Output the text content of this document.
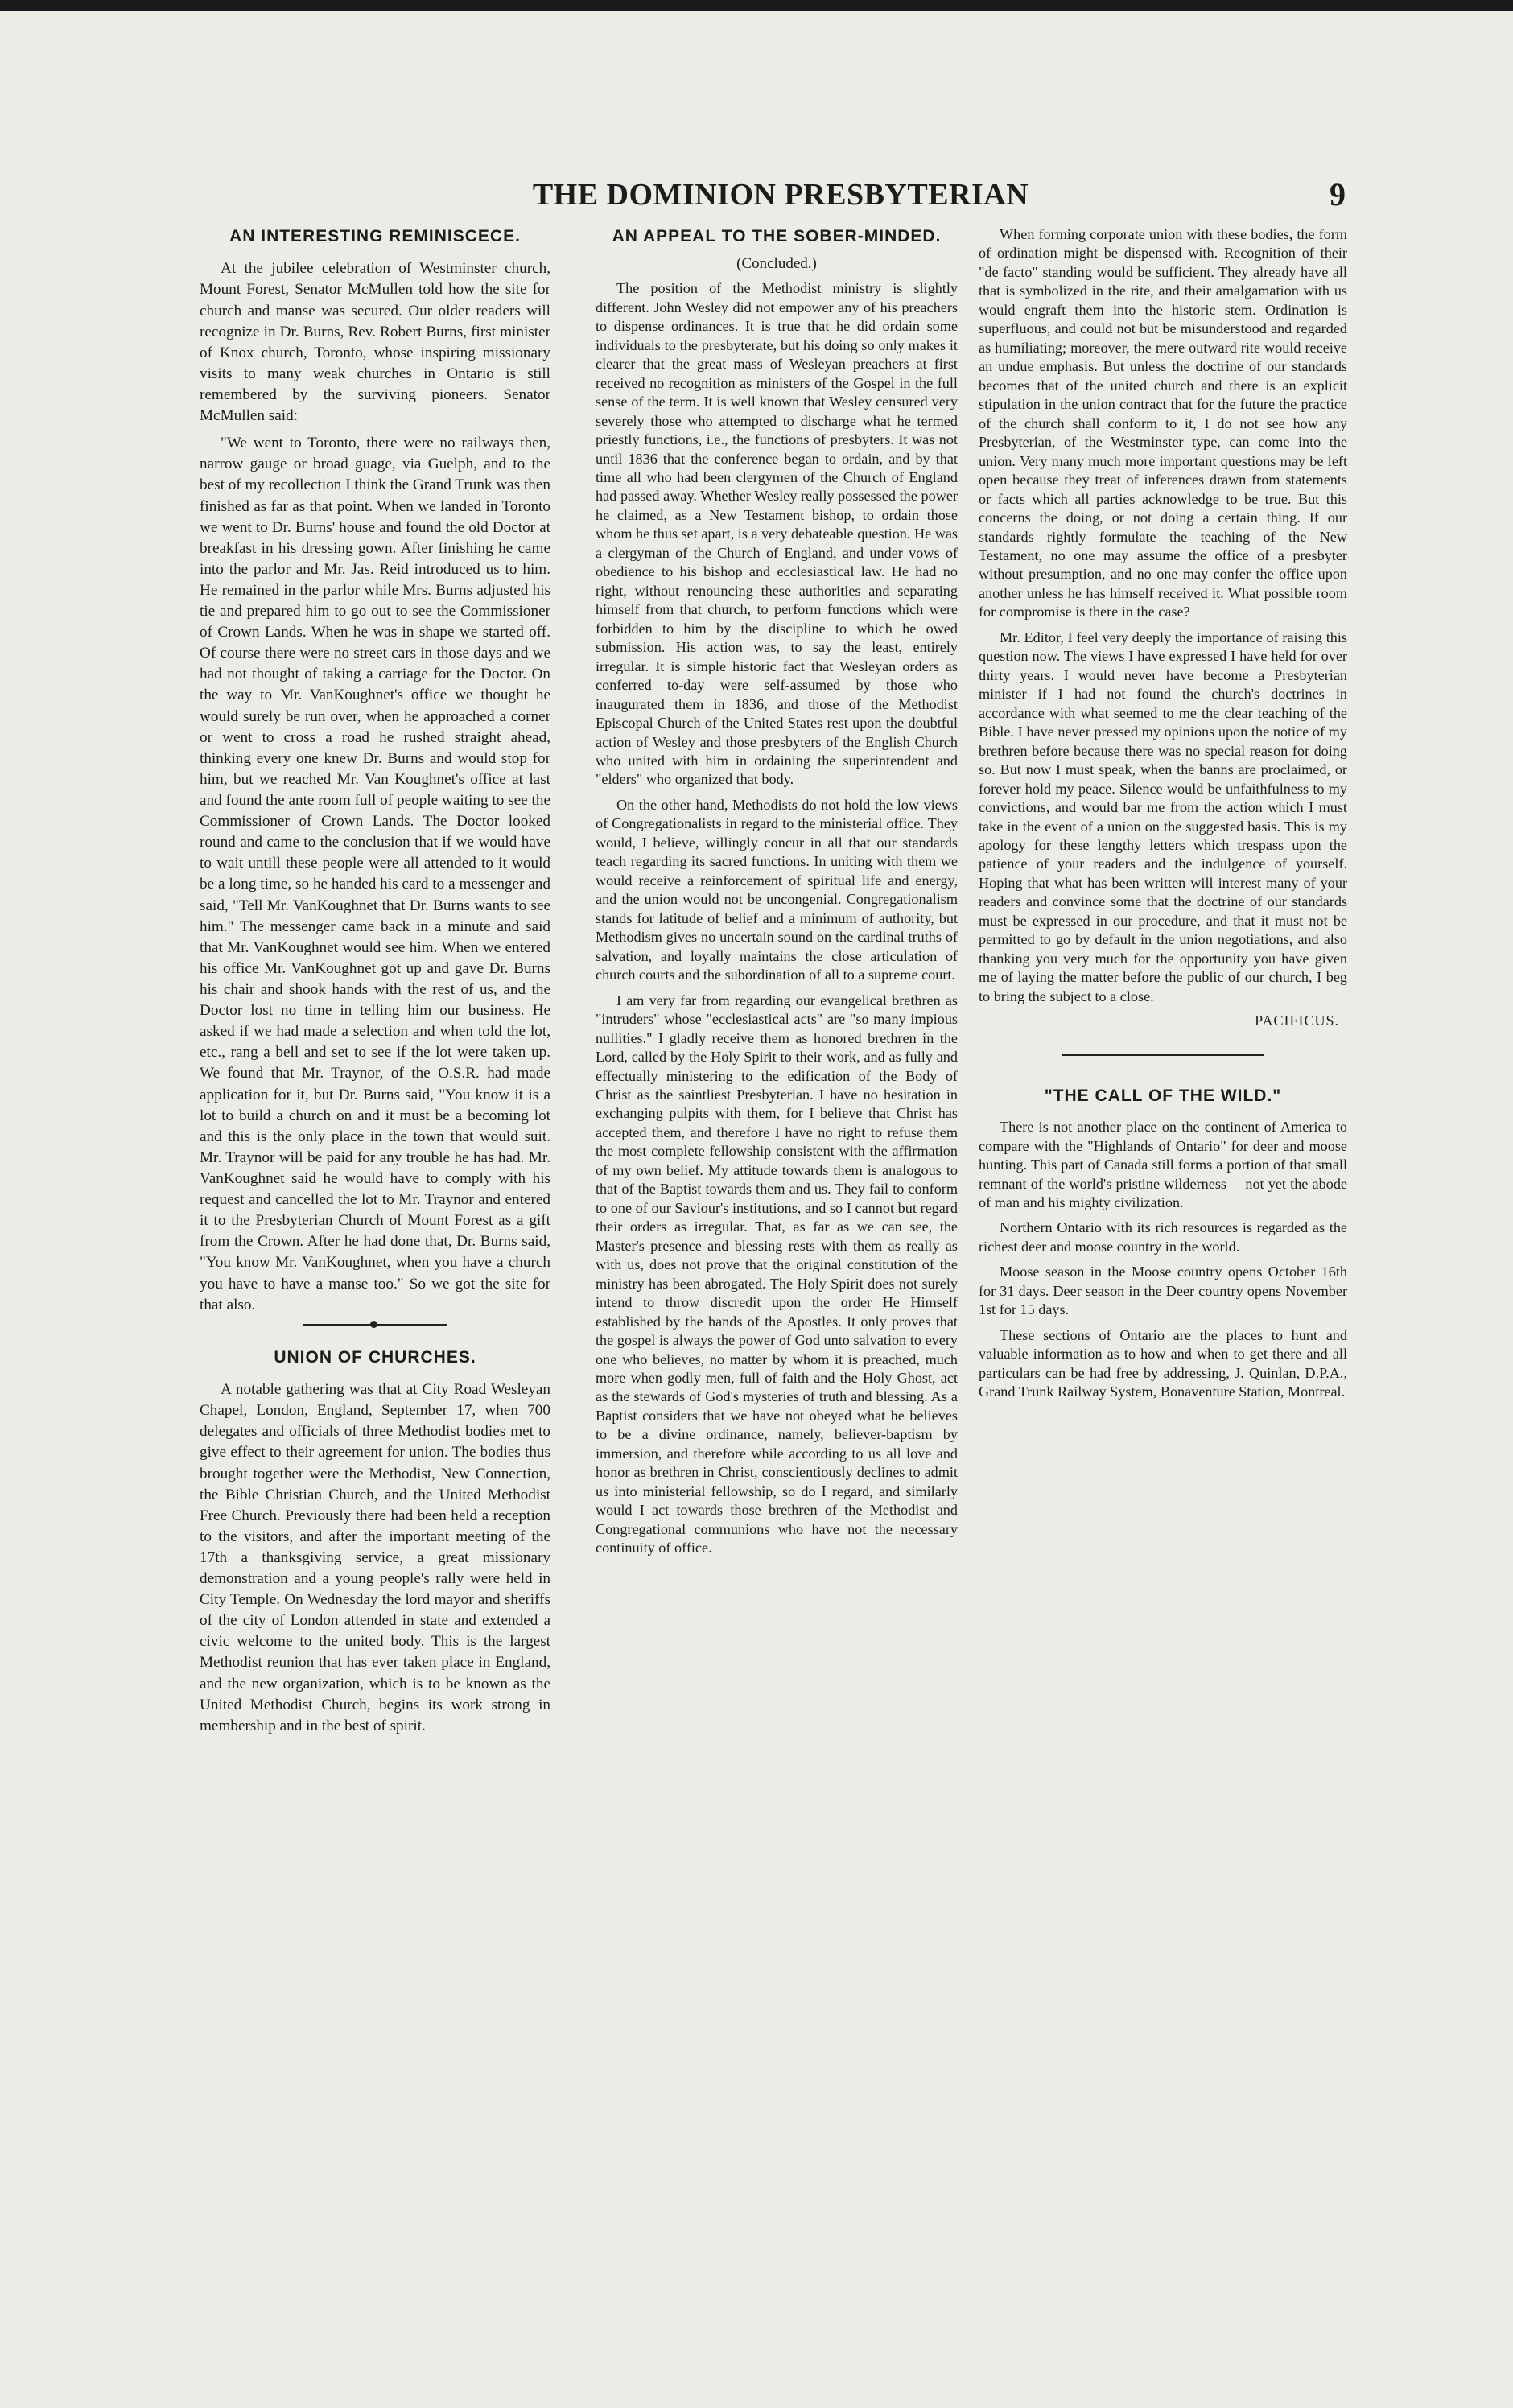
THE DOMINION PRESBYTERIAN	9
AN INTERESTING REMINISCECE.

At the jubilee celebration of Westminster church, Mount Forest, Senator McMullen told how the site for church and manse was secured. Our older readers will recognize in Dr. Burns, Rev. Robert Burns, first minister of Knox church, Toronto, whose inspiring missionary visits to many weak churches in Ontario is still remembered by the surviving pioneers. Senator McMullen said:

"We went to Toronto, there were no railways then, narrow gauge or broad guage, via Guelph, and to the best of my recollection I think the Grand Trunk was then finished as far as that point. When we landed in Toronto we went to Dr. Burns' house and found the old Doctor at breakfast in his dressing gown. After finishing he came into the parlor and Mr. Jas. Reid introduced us to him. He remained in the parlor while Mrs. Burns adjusted his tie and prepared him to go out to see the Commissioner of Crown Lands. When he was in shape we started off. Of course there were no street cars in those days and we had not thought of taking a carriage for the Doctor. On the way to Mr. VanKoughnet's office we thought he would surely be run over, when he approached a corner or went to cross a road he rushed straight ahead, thinking every one knew Dr. Burns and would stop for him, but we reached Mr. Van Koughnet's office at last and found the ante room full of people waiting to see the Commissioner of Crown Lands. The Doctor looked round and came to the conclusion that if we would have to wait untill these people were all attended to it would be a long time, so he handed his card to a messenger and said, "Tell Mr. VanKoughnet that Dr. Burns wants to see him." The messenger came back in a minute and said that Mr. VanKoughnet would see him. When we entered his office Mr. VanKoughnet got up and gave Dr. Burns his chair and shook hands with the rest of us, and the Doctor lost no time in telling him our business. He asked if we had made a selection and when told the lot, etc., rang a bell and set to see if the lot were taken up. We found that Mr. Traynor, of the O.S.R. had made application for it, but Dr. Burns said, "You know it is a lot to build a church on and it must be a becoming lot and this is the only place in the town that would suit. Mr. Traynor will be paid for any trouble he has had. Mr. VanKoughnet said he would have to comply with his request and cancelled the lot to Mr. Traynor and entered it to the Presbyterian Church of Mount Forest as a gift from the Crown. After he had done that, Dr. Burns said, "You know Mr. VanKoughnet, when you have a church you have to have a manse too." So we got the site for that also.

UNION OF CHURCHES.

A notable gathering was that at City Road Wesleyan Chapel, London, England, September 17, when 700 delegates and officials of three Methodist bodies met to give effect to their agreement for union. The bodies thus brought together were the Methodist, New Connection, the Bible Christian Church, and the United Methodist Free Church. Previously there had been held a reception to the visitors, and after the important meeting of the 17th a thanksgiving service, a great missionary demonstration and a young people's rally were held in City Temple. On Wednesday the lord mayor and sheriffs of the city of London attended in state and extended a civic welcome to the united body. This is the largest Methodist reunion that has ever taken place in England, and the new organization, which is to be known as the United Methodist Church, begins its work strong in membership and in the best of spirit.

AN APPEAL TO THE SOBER-MINDED.
(Concluded.)

The position of the Methodist ministry is slightly different. John Wesley did not empower any of his preachers to dispense ordinances. It is true that he did ordain some individuals to the presbyterate, but his doing so only makes it clearer that the great mass of Wesleyan preachers at first received no recognition as ministers of the Gospel in the full sense of the term. It is well known that Wesley censured very severely those who attempted to discharge what he termed priestly functions, i.e., the functions of presbyters. It was not until 1836 that the conference began to ordain, and by that time all who had been clergymen of the Church of England had passed away. Whether Wesley really possessed the power he claimed, as a New Testament bishop, to ordain those whom he thus set apart, is a very debateable question. He was a clergyman of the Church of England, and under vows of obedience to his bishop and ecclesiastical law. He had no right, without renouncing these authorities and separating himself from that church, to perform functions which were forbidden to him by the discipline to which he owed submission. His action was, to say the least, entirely irregular. It is simple historic fact that Wesleyan orders as conferred to-day were self-assumed by those who inaugurated them in 1836, and those of the Methodist Episcopal Church of the United States rest upon the doubtful action of Wesley and those presbyters of the English Church who united with him in ordaining the superintendent and "elders" who organized that body.

On the other hand, Methodists do not hold the low views of Congregationalists in regard to the ministerial office. They would, I believe, willingly concur in all that our standards teach regarding its sacred functions. In uniting with them we would receive a reinforcement of spiritual life and energy, and the union would not be uncongenial. Congregationalism stands for latitude of belief and a minimum of authority, but Methodism gives no uncertain sound on the cardinal truths of salvation, and loyally maintains the close articulation of church courts and the subordination of all to a supreme court.

I am very far from regarding our evangelical brethren as "intruders" whose "ecclesiastical acts" are "so many impious nullities." I gladly receive them as honored brethren in the Lord, called by the Holy Spirit to their work, and as fully and effectually ministering to the edification of the Body of Christ as the saintliest Presbyterian. I have no hesitation in exchanging pulpits with them, for I believe that Christ has accepted them, and therefore I have no right to refuse them the most complete fellowship consistent with the affirmation of my own belief. My attitude towards them is analogous to that of the Baptist towards them and us. They fail to conform to one of our Saviour's institutions, and so I cannot but regard their orders as irregular. That, as far as we can see, the Master's presence and blessing rests with them as really as with us, does not prove that the original constitution of the ministry has been abrogated. The Holy Spirit does not surely intend to throw discredit upon the order He Himself established by the hands of the Apostles. It only proves that the gospel is always the power of God unto salvation to every one who believes, no matter by whom it is preached, much more when godly men, full of faith and the Holy Ghost, act as the stewards of God's mysteries of truth and blessing. As a Baptist considers that we have not obeyed what he believes to be a divine ordinance, namely, believer-baptism by immersion, and therefore while according to us all love and honor as brethren in Christ, conscientiously declines to admit us into ministerial fellowship, so do I regard, and similarly would I act towards those brethren of the Methodist and Congregational communions who have not the necessary continuity of office.

When forming corporate union with these bodies, the form of ordination might be dispensed with. Recognition of their "de facto" standing would be sufficient. They already have all that is symbolized in the rite, and their amalgamation with us would engraft them into the historic stem. Ordination is superfluous, and could not but be misunderstood and regarded as humiliating; moreover, the mere outward rite would receive an undue emphasis. But unless the doctrine of our standards becomes that of the united church and there is an explicit stipulation in the union contract that for the future the practice of the church shall conform to it, I do not see how any Presbyterian, of the Westminster type, can come into the union. Very many much more important questions may be left open because they treat of inferences drawn from statements or facts which all parties acknowledge to be true. But this concerns the doing, or not doing a certain thing. If our standards rightly formulate the teaching of the New Testament, no one may assume the office of a presbyter without presumption, and no one may confer the office upon another unless he has himself received it. What possible room for compromise is there in the case?

Mr. Editor, I feel very deeply the importance of raising this question now. The views I have expressed I have held for over thirty years. I would never have become a Presbyterian minister if I had not found the church's doctrines in accordance with what seemed to me the clear teaching of the Bible. I have never pressed my opinions upon the notice of my brethren before because there was no special reason for doing so. But now I must speak, when the banns are proclaimed, or forever hold my peace. Silence would be unfaithfulness to my convictions, and would bar me from the action which I must take in the event of a union on the suggested basis. This is my apology for these lengthy letters which trespass upon the patience of your readers and the indulgence of yourself. Hoping that what has been written will interest many of your readers and convince some that the doctrine of our standards must be expressed in our procedure, and that it must not be permitted to go by default in the union negotiations, and also thanking you very much for the opportunity you have given me of laying the matter before the public of our church, I beg to bring the subject to a close.

PACIFICUS.
"THE CALL OF THE WILD."

There is not another place on the continent of America to compare with the "Highlands of Ontario" for deer and moose hunting. This part of Canada still forms a portion of that small remnant of the world's pristine wilderness —not yet the abode of man and his mighty civilization.

Northern Ontario with its rich resources is regarded as the richest deer and moose country in the world.

Moose season in the Moose country opens October 16th for 31 days. Deer season in the Deer country opens November 1st for 15 days.

These sections of Ontario are the places to hunt and valuable information as to how and when to get there and all particulars can be had free by addressing, J. Quinlan, D.P.A., Grand Trunk Railway System, Bonaventure Station, Montreal.
